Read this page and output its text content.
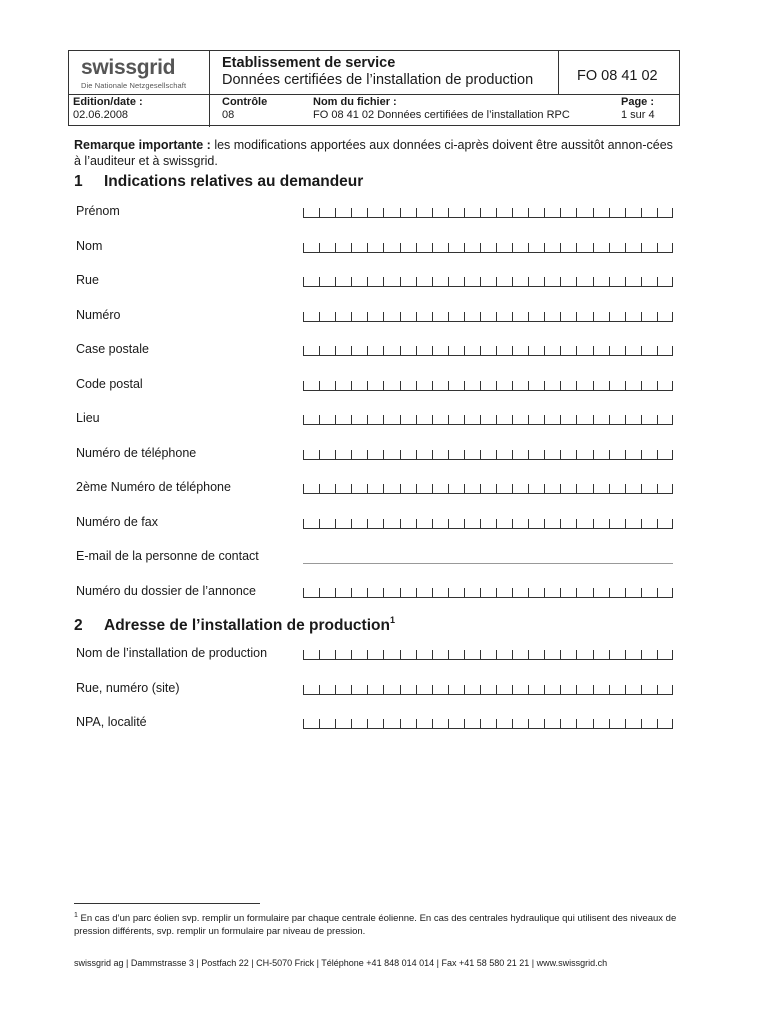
swissgrid
Die Nationale Netzgesellschaft
Etablissement de service
Données certifiées de l’installation de production	FO 08 41 02
Edition/date :
02.06.2008
Contrôle
08
Nom du fichier :
FO 08 41 02 Données certifiées de l’installation RPC
Page :
1 sur 4
Remarque importante : les modifications apportées aux données ci-après doivent être aussitôt annon-cées à l’auditeur et à swissgrid.
1 Indications relatives au demandeur
Prénom
Nom
Rue
Numéro
Case postale
Code postal
Lieu
Numéro de téléphone
2ème Numéro de téléphone
Numéro de fax
E-mail de la personne de contact
Numéro du dossier de l’annonce
2 Adresse de l’installation de production$^1$
Nom de l’installation de production
Rue, numéro (site)
NPA, localité
$^1$ En cas d’un parc éolien svp. remplir un formulaire par chaque centrale éolienne. En cas des centrales hydraulique qui utilisent des niveaux de pression différents, svp. remplir un formulaire par niveau de pression.
swissgrid ag | Dammstrasse 3 | Postfach 22 | CH-5070 Frick | Téléphone +41 848 014 014 | Fax +41 58 580 21 21 | www.swissgrid.ch
